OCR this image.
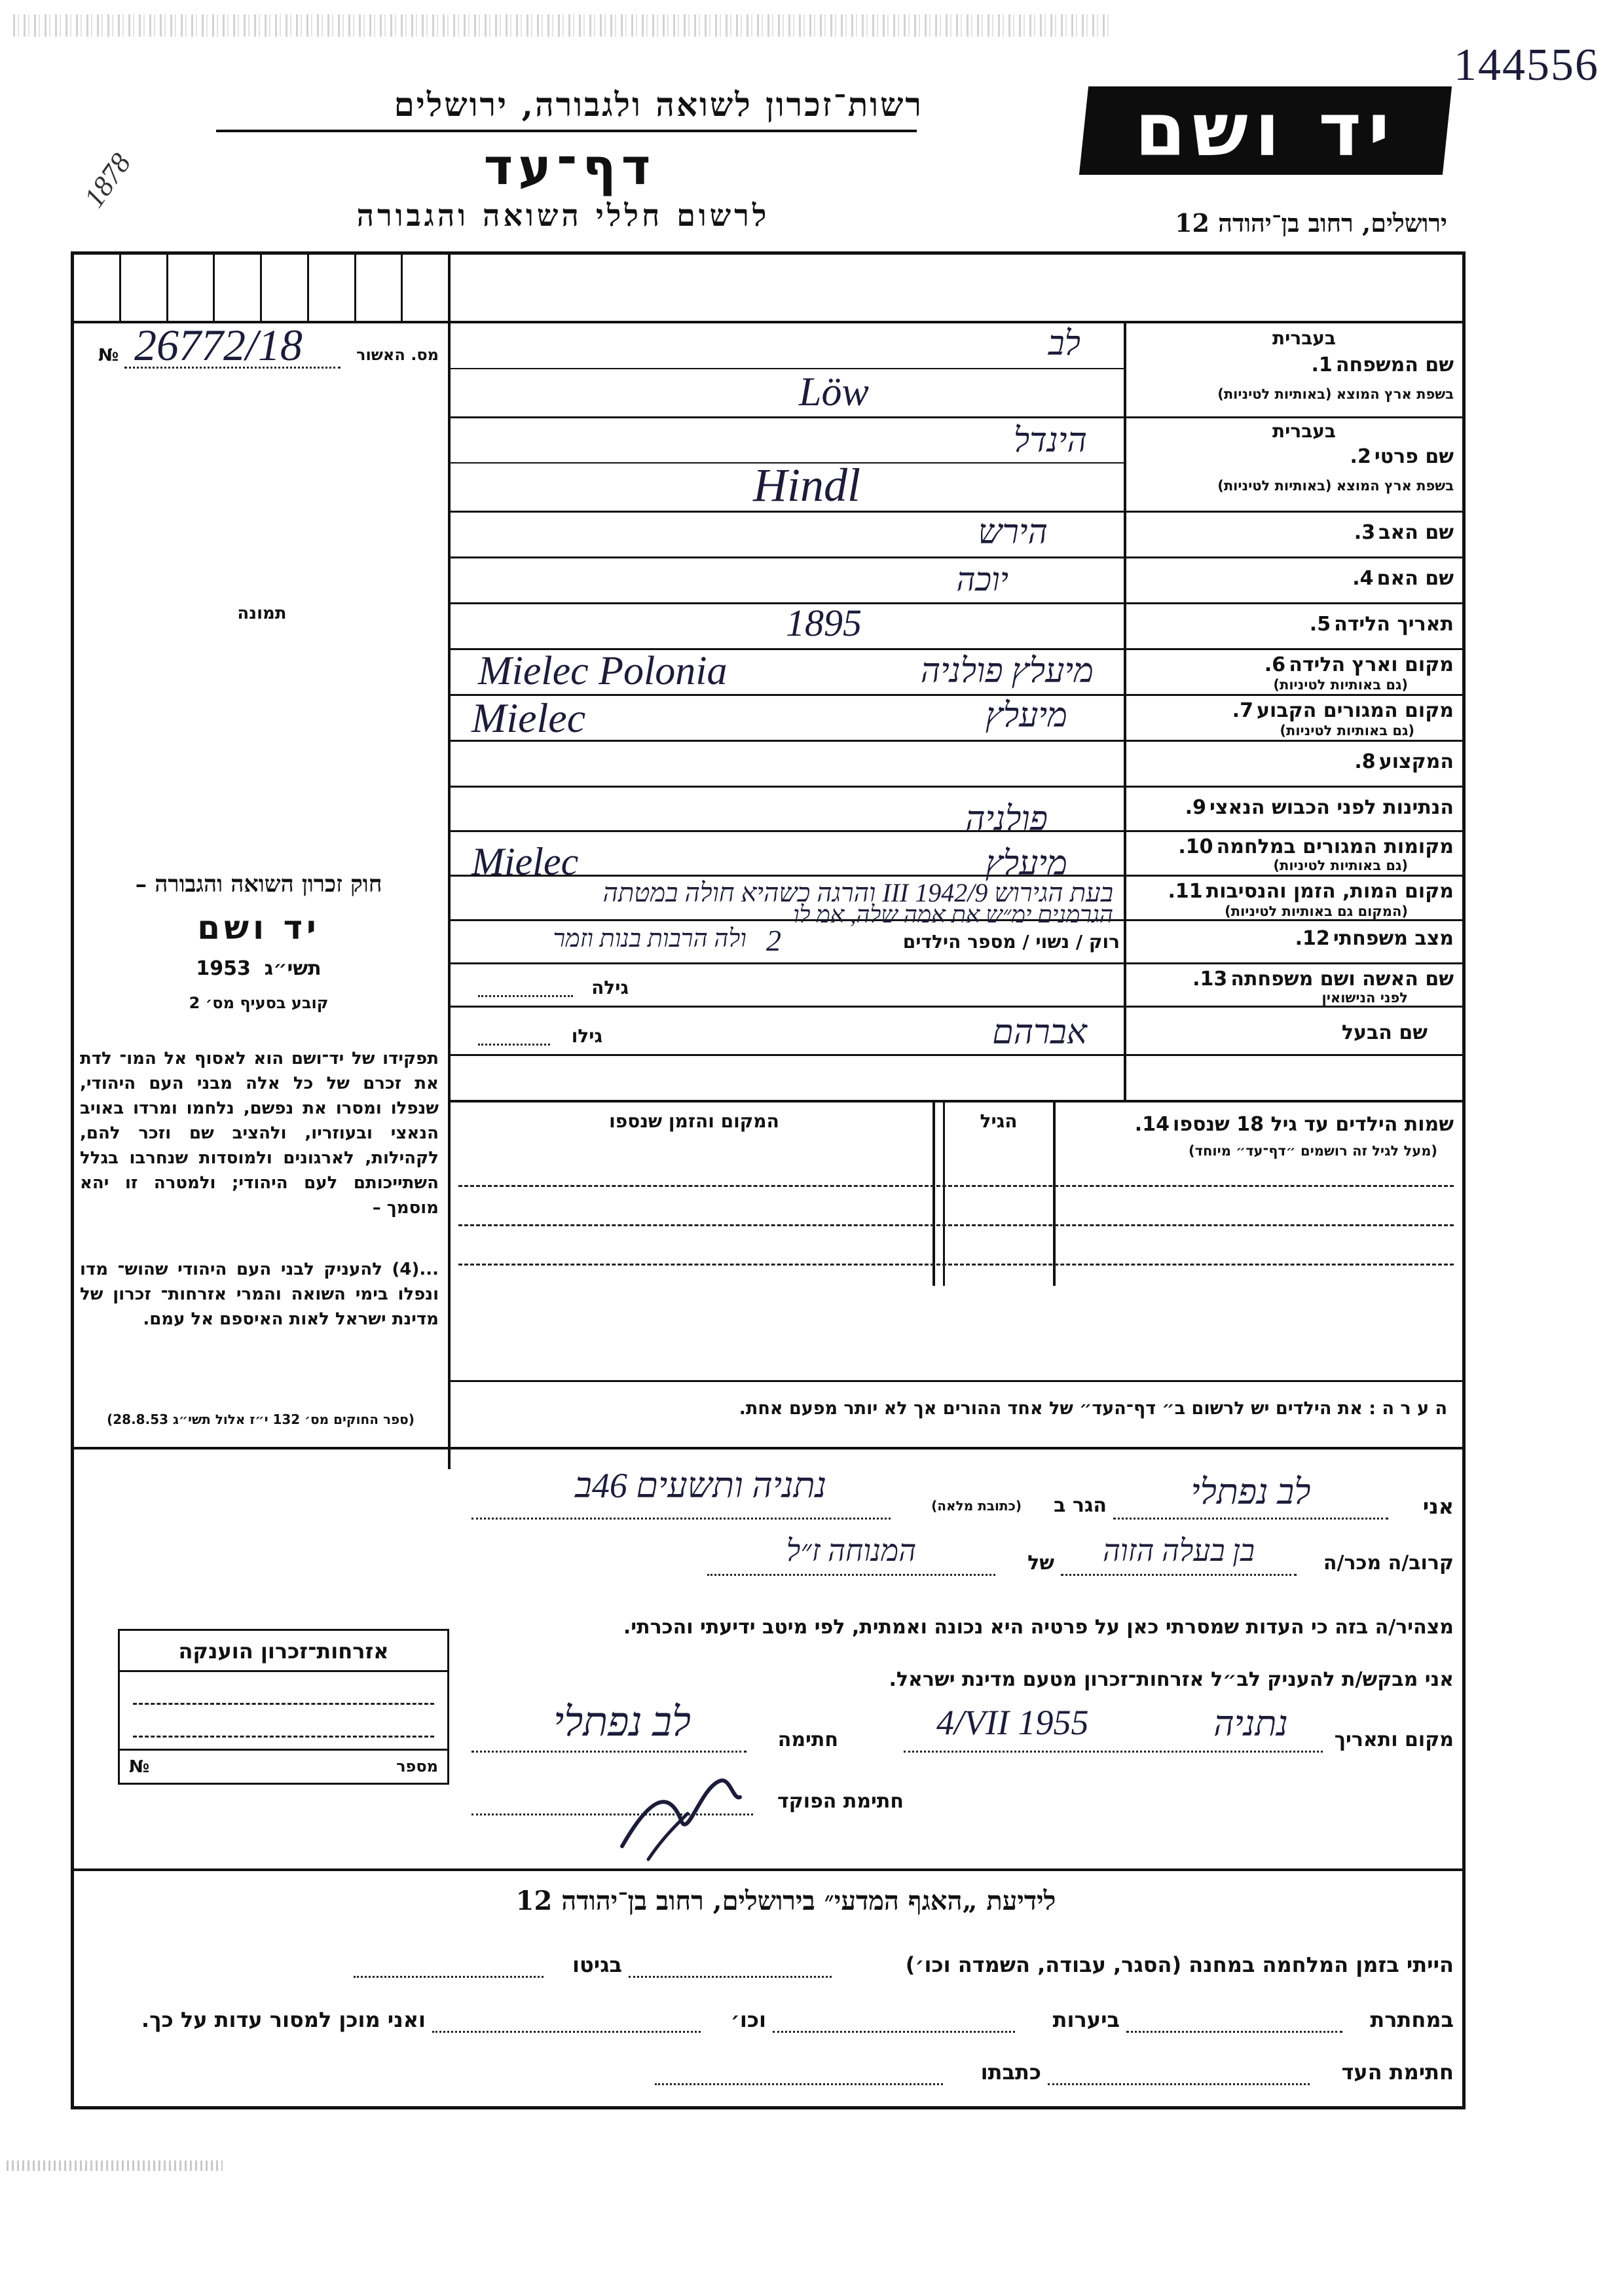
144556
1878
רשות־זכרון לשואה ולגבורה, ירושלים
דף־עד
לרשום חללי השואה והגבורה
יד ושם
ירושלים, רחוב בן־יהודה 12
№ 26772/18	מס. האשור
תמונה
חוק זכרון השואה והגבורה –
יד ושם
תשי״ג  1953
קובע בסעיף מס׳ 2
תפקידו של יד־ושם הוא לאסוף אל המו־ לדת את זכרם של כל אלה מבני העם היהודי, שנפלו ומסרו את נפשם, נלחמו ומרדו באויב הנאצי ובעוזריו, ולהציב שם וזכר להם, לקהילות, לארגונים ולמוסדות שנחרבו בגלל השתייכותם לעם היהודי; ולמטרה זו יהא מוסמך –
...(4) להעניק לבני העם היהודי שהוש־ מדו ונפלו בימי השואה והמרי אזרחות־ זכרון של מדינת ישראל לאות האיספם אל עמם.
(ספר החוקים מס׳ 132 י״ז אלול תשי״ג 28.8.53)
בעברית
שם המשפחה 1.
בשפת ארץ המוצא (באותיות לטיניות)
לב
Löw
בעברית
שם פרטי 2.
בשפת ארץ המוצא (באותיות לטיניות)
הינדל
Hindl
שם האב 3.
הירש
שם האם 4.
יוכה
תאריך הלידה 5.
1895
מקום וארץ הלידה 6.
(גם באותיות לטיניות)
מיעלץ פולניה
Mielec Polonia
מקום המגורים הקבוע 7.
(גם באותיות לטיניות)
מיעלץ
Mielec
המקצוע 8.
הנתינות לפני הכבוש הנאצי 9.
פולניה
מקומות המגורים במלחמה 10.
(גם באותיות לטיניות)
מיעלץ
Mielec
מקום המות, הזמן והנסיבות 11.
(המקום גם באותיות לטיניות)
בעת הגירוש 9/III 1942 והרגה כשהיא חולה במטתה
הגרמנים ימ״ש את אמה שלה, אמ לו
מצב משפחתי 12.
רוק / נשוי / מספר הילדים
2
ולה הרבות בנות וזמר
שם האשה ושם משפחתה 13.
לפני הנישואין
גילה
שם הבעל
אברהם
גילו
שמות הילדים עד גיל 18 שנספו 14.
(מעל לגיל זה רושמים ״דף־עד״ מיוחד)
הגיל
המקום והזמן שנספו
ה ע ר ה : את הילדים יש לרשום ב״ דף־העד״ של אחד ההורים אך לא יותר מפעם אחת.
אני
לב נפתלי
הגר ב
(כתובת מלאה)
נתניה ותשעים 46ב
קרוב/ה מכר/ה
בן בעלה הזוה
של
המנוחה ז״ל
מצהיר/ה בזה כי העדות שמסרתי כאן על פרטיה היא נכונה ואמתית, לפי מיטב ידיעתי והכרתי.
אני מבקש/ת להעניק לב״ל אזרחות־זכרון מטעם מדינת ישראל.
מקום ותאריך
נתניה
4/VII 1955
חתימה
לב נפתלי
חתימת הפוקד
אזרחות־זכרון הוענקה
№	מספר
לידיעת „האגף המדעי״ בירושלים, רחוב בן־יהודה 12
הייתי בזמן המלחמה במחנה (הסגר, עבודה, השמדה וכו׳)
בגיטו
במחתרת
ביערות
וכו׳
ואני מוכן למסור עדות על כך.
חתימת העד
כתבתו
